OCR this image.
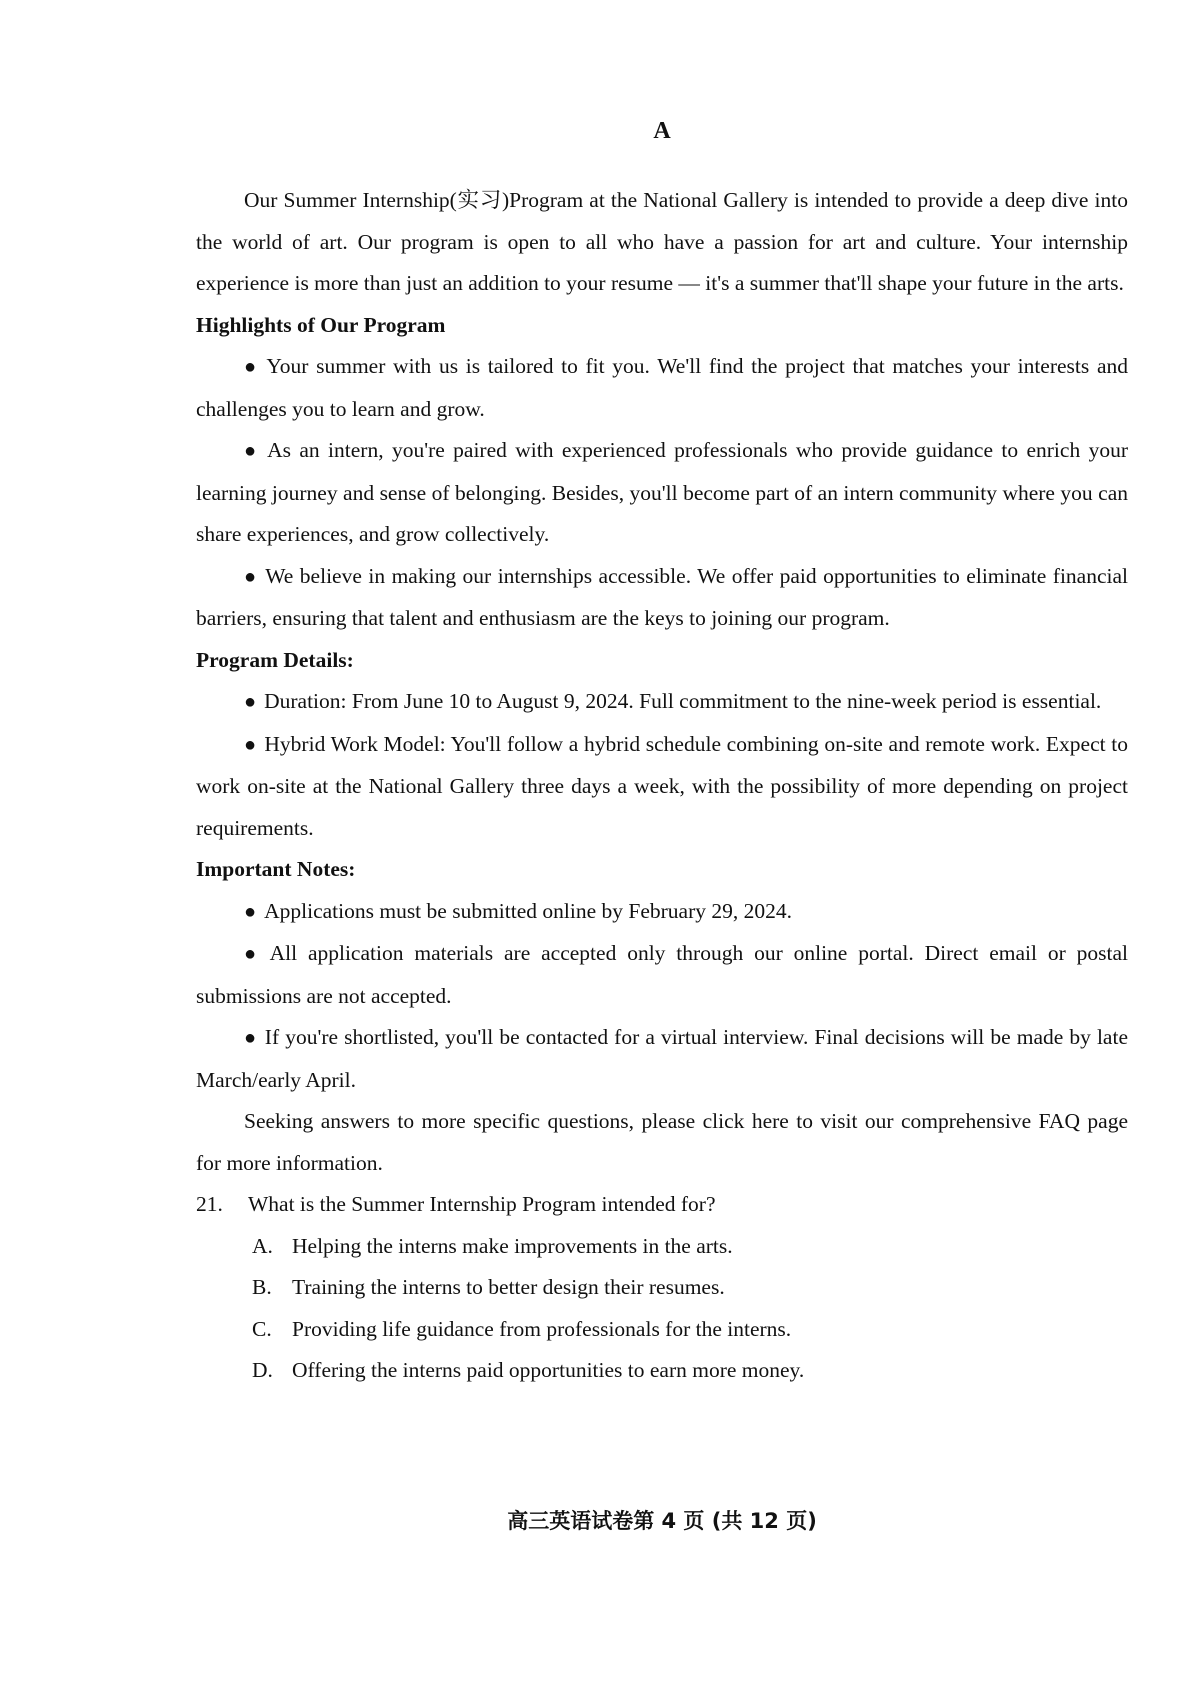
A

Our Summer Internship(实习)Program at the National Gallery is intended to provide a deep dive into the world of art. Our program is open to all who have a passion for art and culture. Your internship experience is more than just an addition to your resume — it's a summer that'll shape your future in the arts.

Highlights of Our Program

● Your summer with us is tailored to fit you. We'll find the project that matches your interests and challenges you to learn and grow.

● As an intern, you're paired with experienced professionals who provide guidance to enrich your learning journey and sense of belonging. Besides, you'll become part of an intern community where you can share experiences, and grow collectively.

● We believe in making our internships accessible. We offer paid opportunities to eliminate financial barriers, ensuring that talent and enthusiasm are the keys to joining our program.

Program Details:

● Duration: From June 10 to August 9, 2024. Full commitment to the nine-week period is essential.

● Hybrid Work Model: You'll follow a hybrid schedule combining on-site and remote work. Expect to work on-site at the National Gallery three days a week, with the possibility of more depending on project requirements.

Important Notes:

● Applications must be submitted online by February 29, 2024.

● All application materials are accepted only through our online portal. Direct email or postal submissions are not accepted.

● If you're shortlisted, you'll be contacted for a virtual interview. Final decisions will be made by late March/early April.

Seeking answers to more specific questions, please click here to visit our comprehensive FAQ page for more information.

21. What is the Summer Internship Program intended for?
A. Helping the interns make improvements in the arts.
B. Training the interns to better design their resumes.
C. Providing life guidance from professionals for the interns.
D. Offering the interns paid opportunities to earn more money.
高三英语试卷第 4 页 (共 12 页)
